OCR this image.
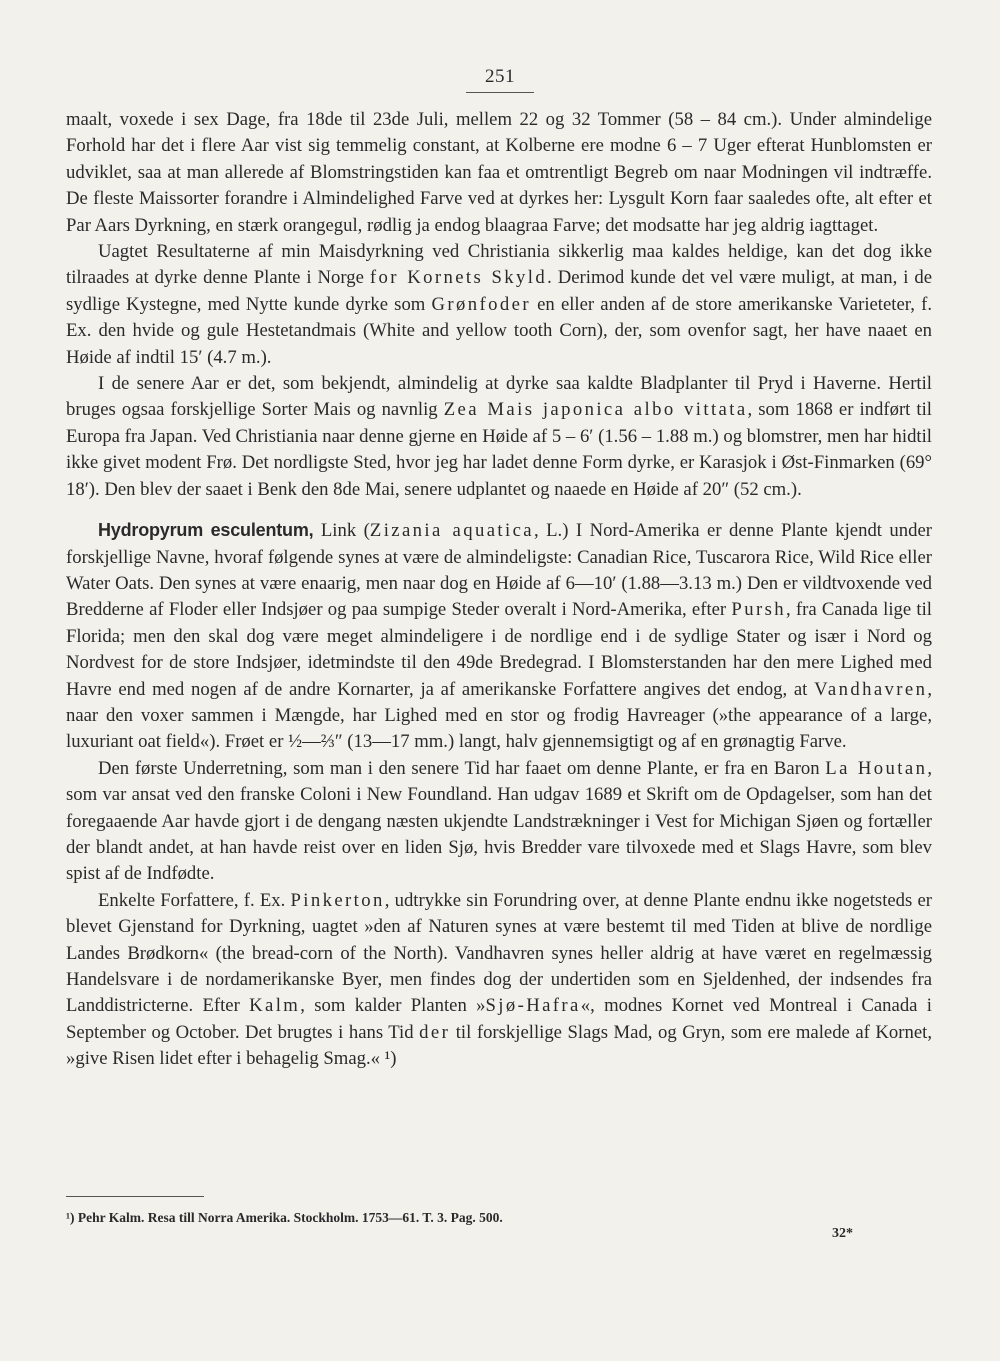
251

maalt, voxede i sex Dage, fra 18de til 23de Juli, mellem 22 og 32 Tommer (58 – 84 cm.). Under almindelige Forhold har det i flere Aar vist sig temmelig constant, at Kolberne ere modne 6 – 7 Uger efterat Hunblomsten er udviklet, saa at man allerede af Blomstringstiden kan faa et omtrentligt Begreb om naar Modningen vil indtræffe. De fleste Maissorter forandre i Almindelighed Farve ved at dyrkes her: Lysgult Korn faar saaledes ofte, alt efter et Par Aars Dyrkning, en stærk orangegul, rødlig ja endog blaagraa Farve; det modsatte har jeg aldrig iagttaget.

Uagtet Resultaterne af min Maisdyrkning ved Christiania sikkerlig maa kaldes heldige, kan det dog ikke tilraades at dyrke denne Plante i Norge for Kornets Skyld. Derimod kunde det vel være muligt, at man, i de sydlige Kystegne, med Nytte kunde dyrke som Grønfoder en eller anden af de store amerikanske Varieteter, f. Ex. den hvide og gule Hestetandmais (White and yellow tooth Corn), der, som ovenfor sagt, her have naaet en Høide af indtil 15′ (4.7 m.).

I de senere Aar er det, som bekjendt, almindelig at dyrke saa kaldte Bladplanter til Pryd i Haverne. Hertil bruges ogsaa forskjellige Sorter Mais og navnlig Zea Mais japonica albo vittata, som 1868 er indført til Europa fra Japan. Ved Christiania naar denne gjerne en Høide af 5 – 6′ (1.56 – 1.88 m.) og blomstrer, men har hidtil ikke givet modent Frø. Det nordligste Sted, hvor jeg har ladet denne Form dyrke, er Karasjok i Øst-Finmarken (69° 18′). Den blev der saaet i Benk den 8de Mai, senere udplantet og naaede en Høide af 20″ (52 cm.).

Hydropyrum esculentum, Link (Zizania aquatica, L.) I Nord-Amerika er denne Plante kjendt under forskjellige Navne, hvoraf følgende synes at være de almindeligste: Canadian Rice, Tuscarora Rice, Wild Rice eller Water Oats. Den synes at være enaarig, men naar dog en Høide af 6—10′ (1.88—3.13 m.) Den er vildtvoxende ved Bredderne af Floder eller Indsjøer og paa sumpige Steder overalt i Nord-Amerika, efter Pursh, fra Canada lige til Florida; men den skal dog være meget almindeligere i de nordlige end i de sydlige Stater og især i Nord og Nordvest for de store Indsjøer, idetmindste til den 49de Bredegrad. I Blomsterstanden har den mere Lighed med Havre end med nogen af de andre Kornarter, ja af amerikanske Forfattere angives det endog, at Vandhavren, naar den voxer sammen i Mængde, har Lighed med en stor og frodig Havreager (»the appearance of a large, luxuriant oat field«). Frøet er ½—⅔″ (13—17 mm.) langt, halv gjennemsigtigt og af en grønagtig Farve.

Den første Underretning, som man i den senere Tid har faaet om denne Plante, er fra en Baron La Houtan, som var ansat ved den franske Coloni i New Foundland. Han udgav 1689 et Skrift om de Opdagelser, som han det foregaaende Aar havde gjort i de dengang næsten ukjendte Landstrækninger i Vest for Michigan Sjøen og fortæller der blandt andet, at han havde reist over en liden Sjø, hvis Bredder vare tilvoxede med et Slags Havre, som blev spist af de Indfødte.

Enkelte Forfattere, f. Ex. Pinkerton, udtrykke sin Forundring over, at denne Plante endnu ikke nogetsteds er blevet Gjenstand for Dyrkning, uagtet »den af Naturen synes at være bestemt til med Tiden at blive de nordlige Landes Brødkorn« (the bread-corn of the North). Vandhavren synes heller aldrig at have været en regelmæssig Handelsvare i de nordamerikanske Byer, men findes dog der undertiden som en Sjeldenhed, der indsendes fra Landdistricterne. Efter Kalm, som kalder Planten »Sjø-Hafra«, modnes Kornet ved Montreal i Canada i September og October. Det brugtes i hans Tid der til forskjellige Slags Mad, og Gryn, som ere malede af Kornet, »give Risen lidet efter i behagelig Smag.« ¹)

¹) Pehr Kalm. Resa till Norra Amerika. Stockholm. 1753—61. T. 3. Pag. 500.
32*
